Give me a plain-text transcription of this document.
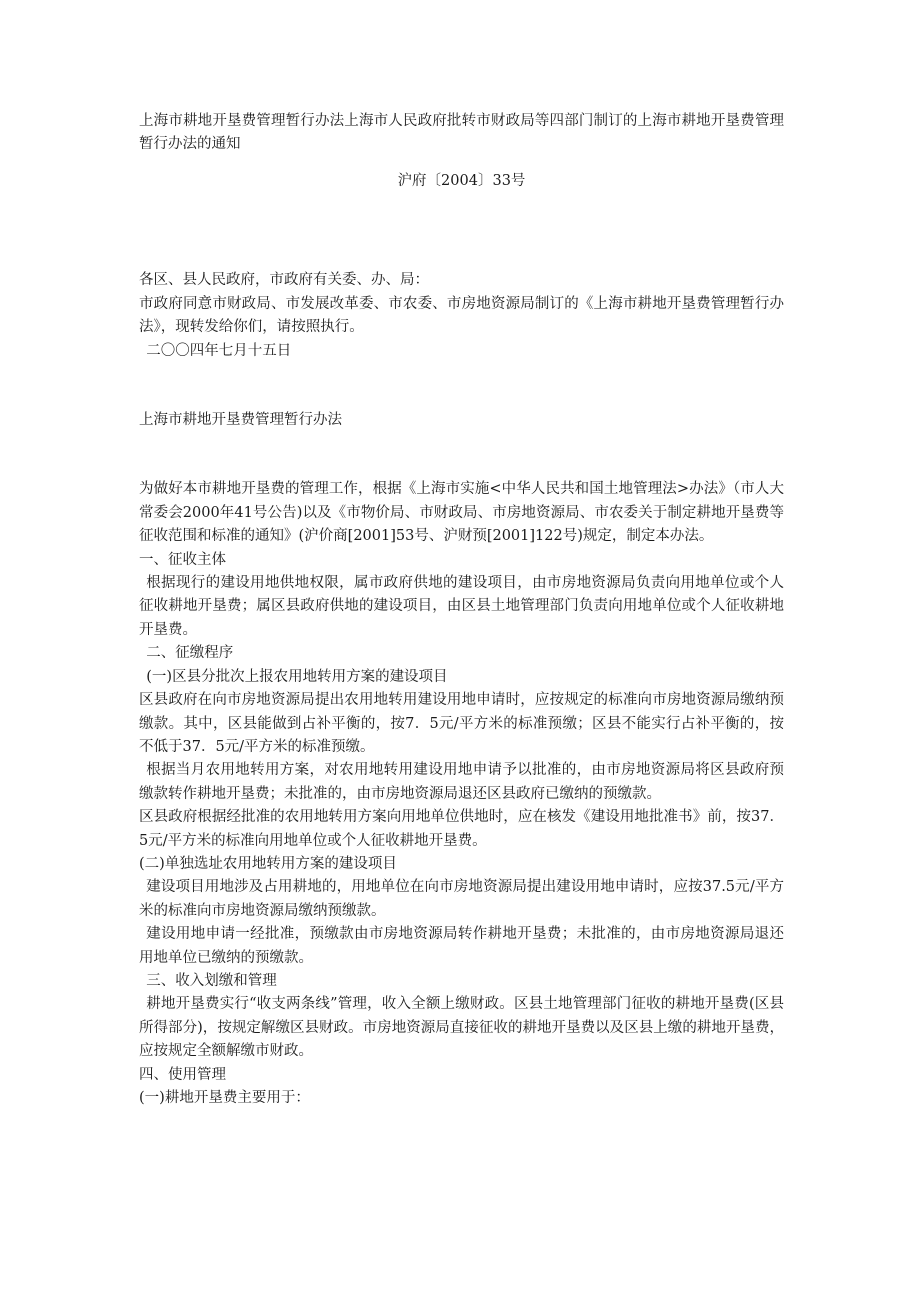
上海市耕地开垦费管理暂行办法上海市人民政府批转市财政局等四部门制订的上海市耕地开垦费管理暂行办法的通知

沪府〔2004〕33号

各区、县人民政府，市政府有关委、办、局：

市政府同意市财政局、市发展改革委、市农委、市房地资源局制订的《上海市耕地开垦费管理暂行办法》，现转发给你们，请按照执行。

二〇〇四年七月十五日

上海市耕地开垦费管理暂行办法

为做好本市耕地开垦费的管理工作，根据《上海市实施<中华人民共和国土地管理法>办法》（市人大常委会2000年41号公告)以及《市物价局、市财政局、市房地资源局、市农委关于制定耕地开垦费等征收范围和标准的通知》(沪价商[2001]53号、沪财预[2001]122号)规定，制定本办法。

一、征收主体

根据现行的建设用地供地权限，属市政府供地的建设项目，由市房地资源局负责向用地单位或个人征收耕地开垦费；属区县政府供地的建设项目，由区县土地管理部门负责向用地单位或个人征收耕地开垦费。

二、征缴程序

(一)区县分批次上报农用地转用方案的建设项目

区县政府在向市房地资源局提出农用地转用建设用地申请时，应按规定的标准向市房地资源局缴纳预缴款。其中，区县能做到占补平衡的，按7．5元/平方米的标准预缴；区县不能实行占补平衡的，按不低于37．5元/平方米的标准预缴。

根据当月农用地转用方案，对农用地转用建设用地申请予以批准的，由市房地资源局将区县政府预缴款转作耕地开垦费；未批准的，由市房地资源局退还区县政府已缴纳的预缴款。

区县政府根据经批准的农用地转用方案向用地单位供地时，应在核发《建设用地批准书》前，按37．5元/平方米的标准向用地单位或个人征收耕地开垦费。

(二)单独选址农用地转用方案的建设项目

建设项目用地涉及占用耕地的，用地单位在向市房地资源局提出建设用地申请时，应按37.5元/平方米的标准向市房地资源局缴纳预缴款。

建设用地申请一经批准，预缴款由市房地资源局转作耕地开垦费；未批准的，由市房地资源局退还用地单位已缴纳的预缴款。

三、收入划缴和管理

耕地开垦费实行“收支两条线”管理，收入全额上缴财政。区县土地管理部门征收的耕地开垦费(区县所得部分)，按规定解缴区县财政。市房地资源局直接征收的耕地开垦费以及区县上缴的耕地开垦费，应按规定全额解缴市财政。

四、使用管理

(一)耕地开垦费主要用于：
